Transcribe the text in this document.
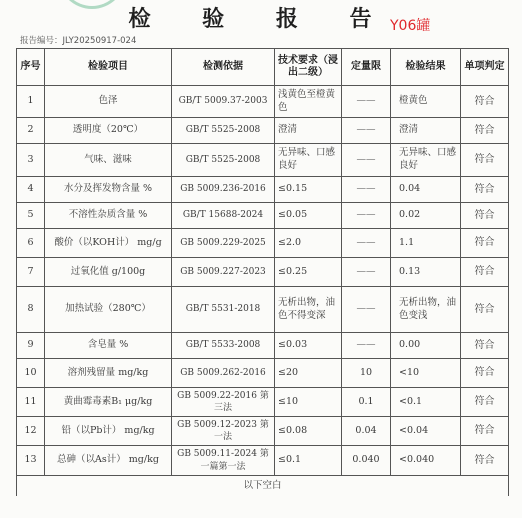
检 验 报 告
Y06罐
报告编号：JLY20250917-024
序号	检验项目	检测依据	技术要求（浸出二级）	定量限	检验结果	单项判定
1	色泽	GB/T 5009.37-2003	浅黄色至橙黄色	——	橙黄色	符合
2	透明度（20℃）	GB/T 5525-2008	澄清	——	澄清	符合
3	气味、滋味	GB/T 5525-2008	无异味、口感良好	——	无异味、口感良好	符合
4	水分及挥发物含量 %	GB 5009.236-2016	≤0.15	——	0.04	符合
5	不溶性杂质含量 %	GB/T 15688-2024	≤0.05	——	0.02	符合
6	酸价（以KOH计） mg/g	GB 5009.229-2025	≤2.0	——	1.1	符合
7	过氧化值 g/100g	GB 5009.227-2023	≤0.25	——	0.13	符合
8	加热试验（280℃）	GB/T 5531-2018	无析出物，油色不得变深	——	无析出物，油色变浅	符合
9	含皂量 %	GB/T 5533-2008	≤0.03	——	0.00	符合
10	溶剂残留量 mg/kg	GB 5009.262-2016	≤20	10	<10	符合
11	黄曲霉毒素B₁ μg/kg	GB 5009.22-2016 第三法	≤10	0.1	<0.1	符合
12	铅（以Pb计） mg/kg	GB 5009.12-2023 第一法	≤0.08	0.04	<0.04	符合
13	总砷（以As计） mg/kg	GB 5009.11-2024 第一篇第一法	≤0.1	0.040	<0.040	符合
以下空白						
